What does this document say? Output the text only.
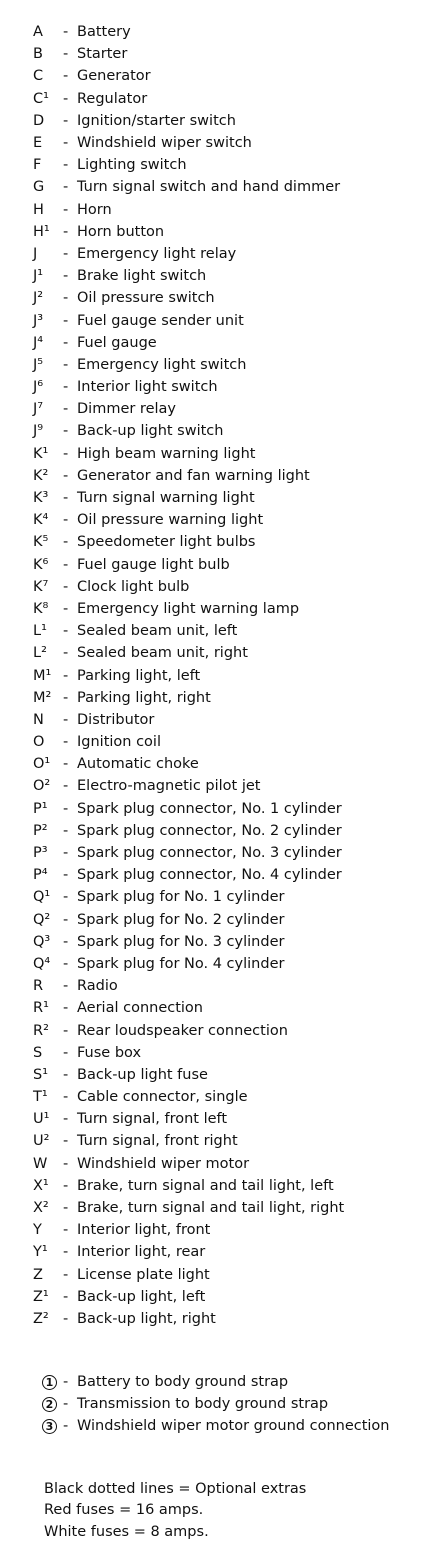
A	- Battery
B	- Starter
C	- Generator
C¹ - Regulator
D	- Ignition/starter switch
E	- Windshield wiper switch
F	- Lighting switch
G	- Turn signal switch and hand dimmer
H	- Horn
H¹ - Horn button
J	- Emergency light relay
J¹	- Brake light switch
J²	- Oil pressure switch
J³	- Fuel gauge sender unit
J⁴	- Fuel gauge
J⁵	- Emergency light switch
J⁶	- Interior light switch
J⁷	- Dimmer relay
J⁹	- Back-up light switch
K¹	- High beam warning light
K²	- Generator and fan warning light
K³	- Turn signal warning light
K⁴	- Oil pressure warning light
K⁵	- Speedometer light bulbs
K⁶	- Fuel gauge light bulb
K⁷	- Clock light bulb
K⁸	- Emergency light warning lamp
L¹	- Sealed beam unit, left
L²	- Sealed beam unit, right
M¹ - Parking light, left
M² - Parking light, right
N	- Distributor
O	- Ignition coil
O¹ - Automatic choke
O² - Electro-magnetic pilot jet
P¹	- Spark plug connector, No. 1 cylinder
P²	- Spark plug connector, No. 2 cylinder
P³	- Spark plug connector, No. 3 cylinder
P⁴	- Spark plug connector, No. 4 cylinder
Q¹ - Spark plug for No. 1 cylinder
Q² - Spark plug for No. 2 cylinder
Q³ - Spark plug for No. 3 cylinder
Q⁴ - Spark plug for No. 4 cylinder
R	- Radio
R¹ - Aerial connection
R² - Rear loudspeaker connection
S	- Fuse box
S¹	- Back-up light fuse
T¹	- Cable connector, single
U¹ - Turn signal, front left
U² - Turn signal, front right
W	- Windshield wiper motor
X¹ - Brake, turn signal and tail light, left
X² - Brake, turn signal and tail light, right
Y	- Interior light, front
Y¹	- Interior light, rear
Z	- License plate light
Z¹ - Back-up light, left
Z² - Back-up light, right
1 - Battery to body ground strap
2 - Transmission to body ground strap
3 - Windshield wiper motor ground connection
Black dotted lines = Optional extras
Red fuses = 16 amps.
White fuses = 8 amps.
